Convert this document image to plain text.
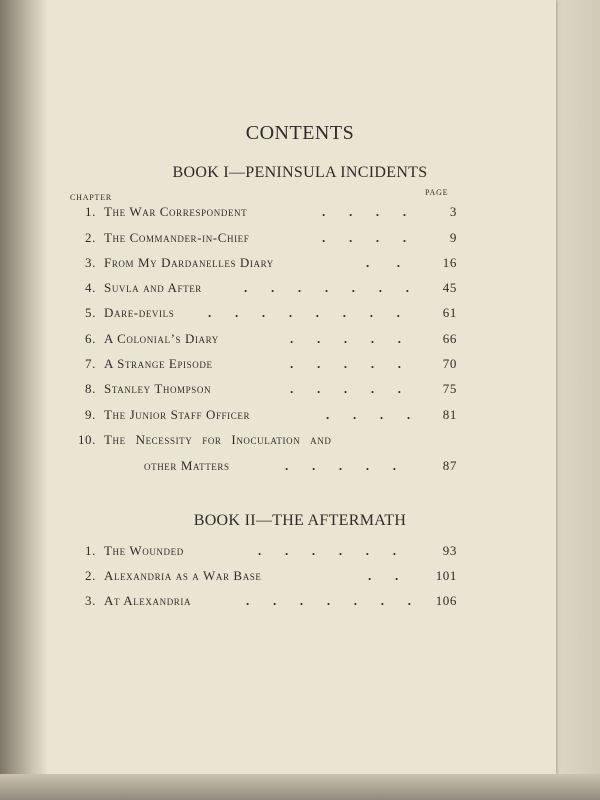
CONTENTS
BOOK I—PENINSULA INCIDENTS
CHAPTER
PAGE
1. The War Correspondent	.      .      .      .	3
2. The Commander-in-Chief	.      .      .      .	9
3. From My Dardanelles Diary	.       .	16
4. Suvla and After	.      .      .      .      .      .      .	45
5. Dare-devils	.      .      .      .      .      .      .      .	61
6. A Colonial’s Diary	.      .      .      .      .	66
7. A Strange Episode	.      .      .      .      .	70
8. Stanley Thompson	.      .      .      .      .	75
9. The Junior Staff Officer	.      .      .      . 81
10. The Necessity for Inoculation and
other Matters	.      .      .      .      .	87
BOOK II—THE AFTERMATH
1. The Wounded	.      .      .      .      .      .	93
2. Alexandria as a War Base	.      .	101
3. At Alexandria	.      .      .      .      .      .      . 106
